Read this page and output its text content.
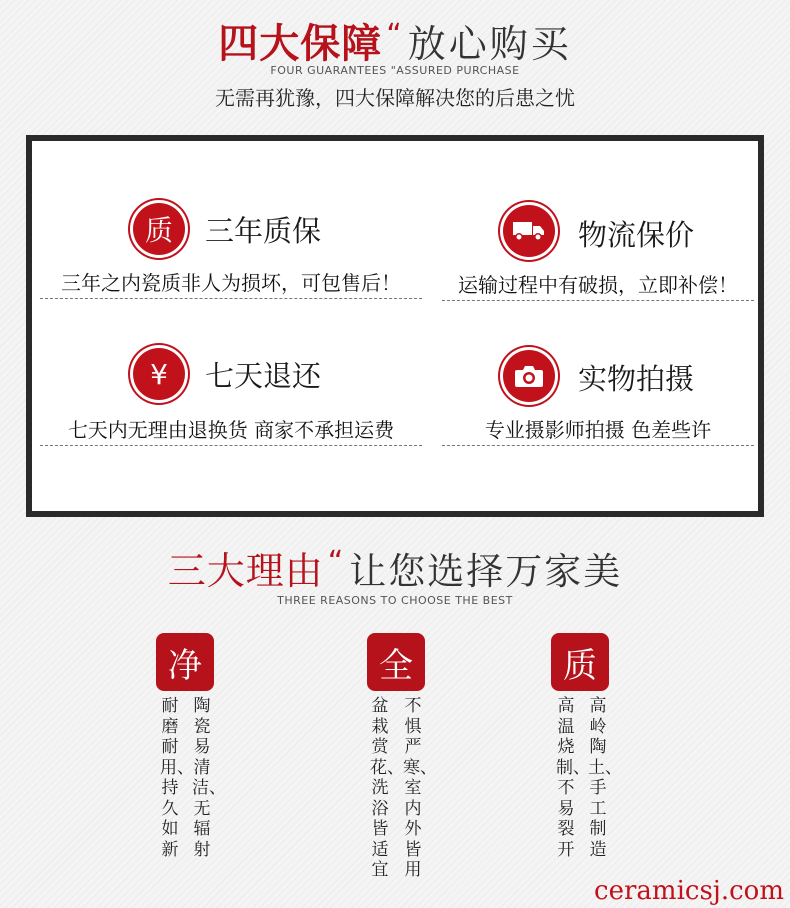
四大保障 “ 放心购买
FOUR GUARANTEES "ASSURED PURCHASE
无需再犹豫，四大保障解决您的后患之忧
质	三年质保
三年之内瓷质非人为损坏，可包售后！
物流保价
运输过程中有破损，立即补偿！
¥	七天退还
七天内无理由退换货 商家不承担运费
实物拍摄
专业摄影师拍摄 色差些许
三大理由 “ 让您选择万家美
THREE REASONS TO CHOOSE THE BEST
净
陶瓷易清洁、无辐射
耐磨耐用、持久如新
全
不惧严寒、室内外皆用
盆栽赏花、洗浴皆适宜
质
高岭陶土、手工制造
高温烧制、不易裂开
ceramicsj.com
